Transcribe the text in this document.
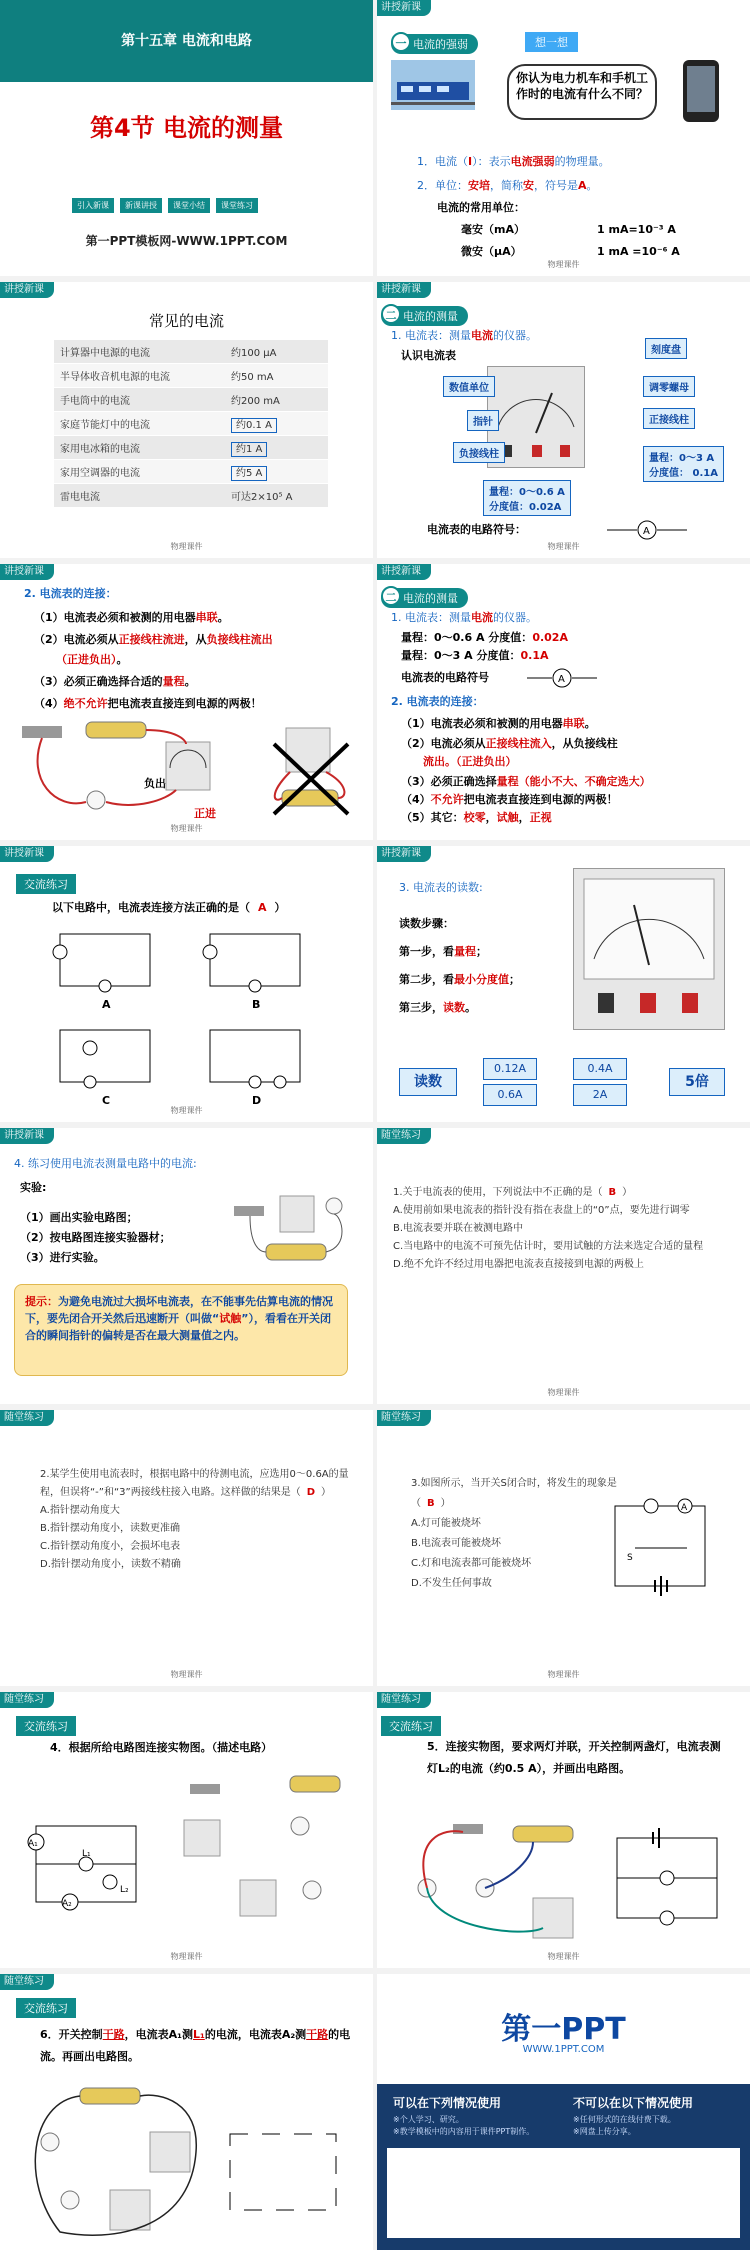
第十五章 电流和电路
第4节 电流的测量
引入新课	新课讲授	课堂小结	课堂练习
第一PPT模板网-WWW.1PPT.COM
讲授新课
一 电流的强弱	想一想
你认为电力机车和手机工作时的电流有什么不同？
1．电流（I）：表示电流强弱的物理量。
2．单位：安培，简称安，符号是A。
电流的常用单位：
毫安（mA）	1 mA=10⁻³ A
微安（μA）	1 mA =10⁻⁶ A
物理课件
讲授新课
常见的电流
计算器中电源的电流	约100 μA
半导体收音机电源的电流	约50 mA
手电筒中的电流	约200 mA
家庭节能灯中的电流	约0.1 A
家用电冰箱的电流	约1 A
家用空调器的电流	约5 A
雷电电流	可达2×10⁵ A
物理课件
讲授新课
二 电流的测量
1. 电流表：测量电流的仪器。
认识电流表	刻度盘
数值单位	调零螺母
指针	正接线柱
负接线柱	量程：0～3 A
分度值： 0.1A
量程：0～0.6 A
分度值：0.02A
电流表的电路符号：	A
物理课件
讲授新课
2. 电流表的连接：
（1）电流表必须和被测的用电器串联。
（2）电流必须从正接线柱流进，从负接线柱流出
（正进负出）。
（3）必须正确选择合适的量程。
（4）绝不允许把电流表直接连到电源的两极！
负出
正进
物理课件
讲授新课
二 电流的测量
1. 电流表：测量电流的仪器。
量程：0～0.6 A 分度值：0.02A
量程：0～3 A 分度值：0.1A
电流表的电路符号	A
2. 电流表的连接：
（1）电流表必须和被测的用电器串联。
（2）电流必须从正接线柱流入，从负接线柱
流出。（正进负出）
（3）必须正确选择量程（能小不大、不确定选大）
（4）不允许把电流表直接连到电源的两极！
（5）其它：校零，试触，正视
讲授新课
交流练习
以下电路中，电流表连接方法正确的是（ A ）
A	B
C	D
物理课件
讲授新课
3. 电流表的读数:
读数步骤：
第一步，看量程；
第二步，看最小分度值；
第三步，读数。
读数
0.12A	0.4A
0.6A	2A
5倍
讲授新课
4. 练习使用电流表测量电路中的电流:
实验:
（1）画出实验电路图；
（2）按电路图连接实验器材；
（3）进行实验。
提示：为避免电流过大损坏电流表，在不能事先估算电流的情况下，要先闭合开关然后迅速断开（叫做“试触”），看看在开关闭合的瞬间指针的偏转是否在最大测量值之内。
随堂练习
1.关于电流表的使用，下列说法中不正确的是（ B ）
A.使用前如果电流表的指针没有指在表盘上的“0”点，要先进行调零
B.电流表要并联在被测电路中
C.当电路中的电流不可预先估计时，要用试触的方法来选定合适的量程
D.绝不允许不经过用电器把电流表直接接到电源的两极上
物理课件
随堂练习
2.某学生使用电流表时，根据电路中的待测电流，应选用0～0.6A的量程，但误将“-”和“3”两接线柱接入电路。这样做的结果是（ D ）
A.指针摆动角度大
B.指针摆动角度小，读数更准确
C.指针摆动角度小，会损坏电表
D.指针摆动角度小，读数不精确
物理课件
随堂练习
3.如图所示，当开关S闭合时，将发生的现象是（ B ）
A.灯可能被烧坏
B.电流表可能被烧坏
C.灯和电流表都可能被烧坏
D.不发生任何事故
A
S
物理课件
随堂练习
交流练习
4．根据所给电路图连接实物图。（描述电路）
A₁
A₂
L₁
L₂
物理课件
随堂练习
交流练习
5．连接实物图，要求两灯并联，开关控制两盏灯，电流表测灯L₂的电流（约0.5 A），并画出电路图。
物理课件
随堂练习
交流练习
6．开关控制干路，电流表A₁测L₁的电流，电流表A₂测干路的电流。再画出电路图。
第一PPT
WWW.1PPT.COM
可以在下列情况使用	不可以在以下情况使用
※个人学习、研究。
※教学模板中的内容用于课件PPT制作。
※任何形式的在线付费下载。
※网盘上传分享。
